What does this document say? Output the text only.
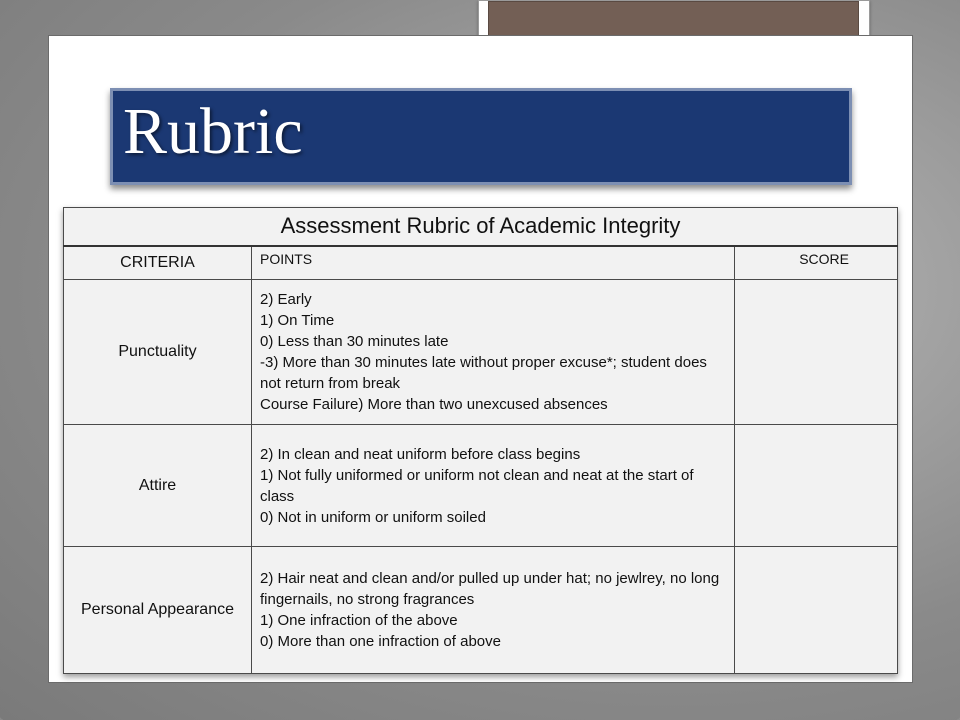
Rubric
Assessment Rubric of Academic Integrity		
CRITERIA	POINTS	SCORE
Punctuality	2) Early
1) On Time
0) Less than 30 minutes late
-3) More than 30 minutes late without proper excuse*; student does not return from break
Course Failure) More than two unexcused absences	

Attire	2) In clean and neat uniform before class begins
1) Not fully uniformed or uniform not clean and neat at the start of class
0) Not in uniform or uniform soiled	

Personal Appearance	2) Hair neat and clean and/or pulled up under hat; no jewlrey, no long fingernails, no strong fragrances
1) One infraction of the above
0) More than one infraction of above	
